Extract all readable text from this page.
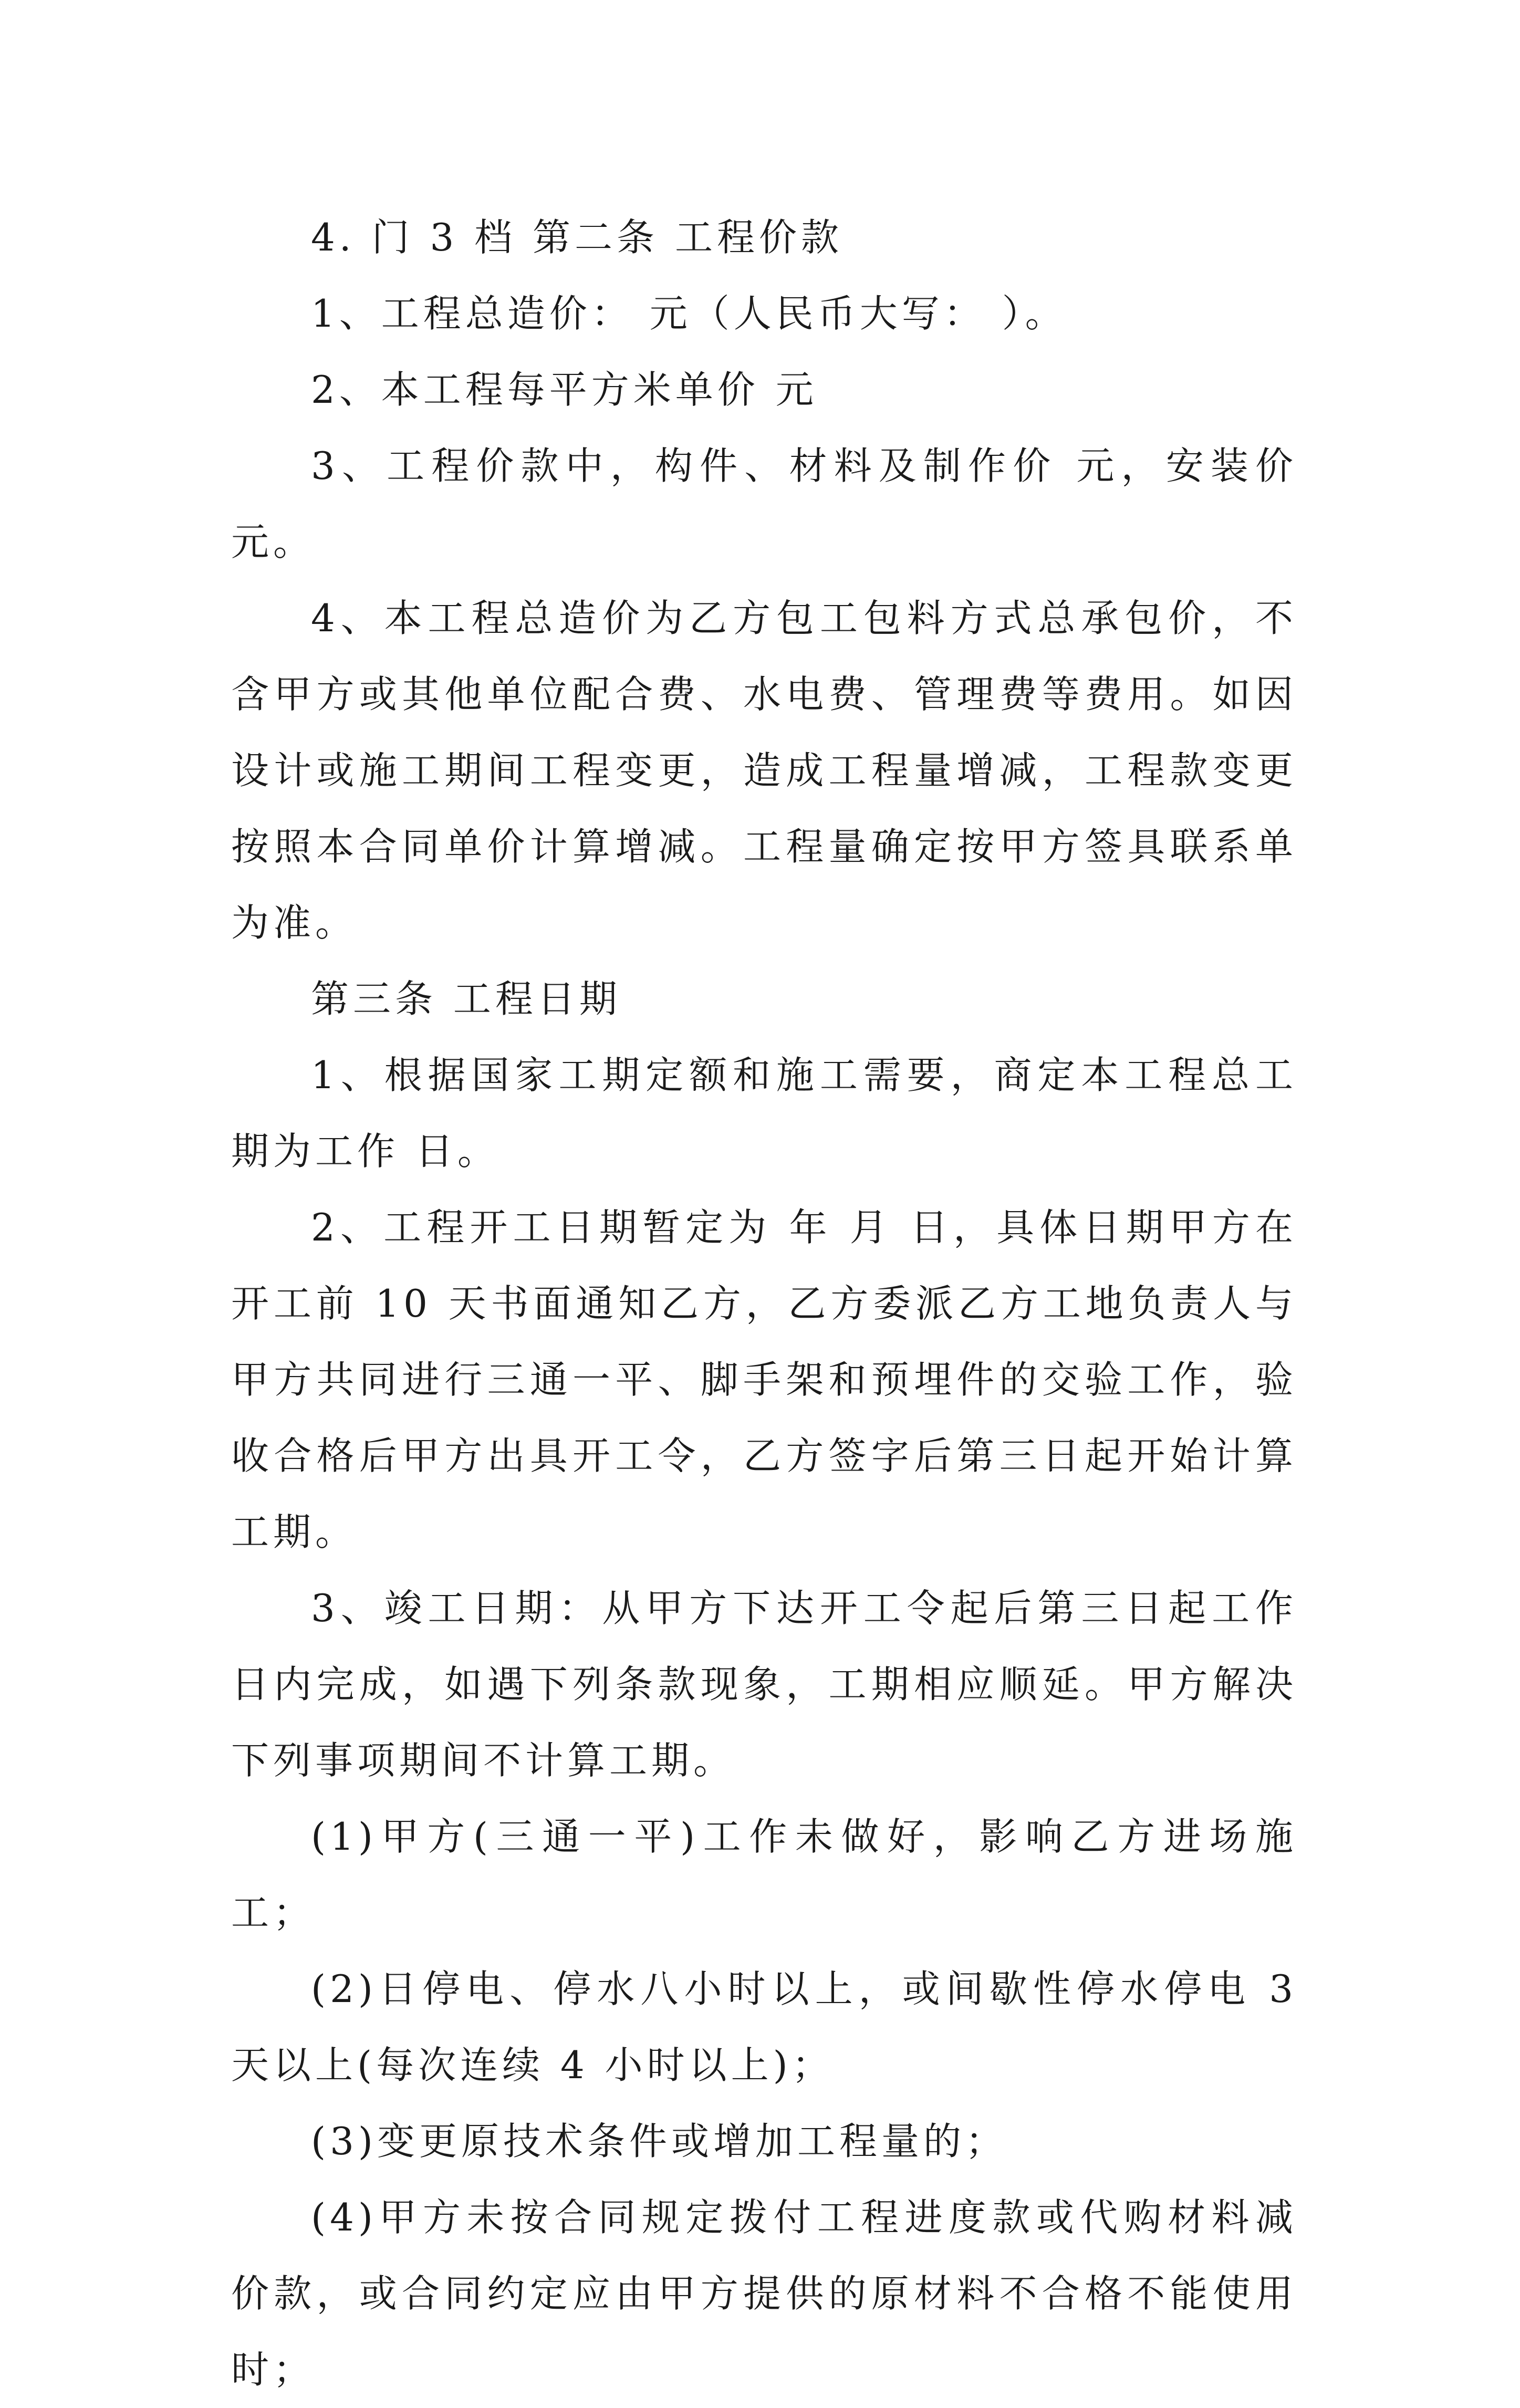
4. 门 3 档 第二条 工程价款

1、工程总造价： 元（人民币大写： ）。

2、本工程每平方米单价 元

3、工程价款中，构件、材料及制作价 元，安装价 元。

4、本工程总造价为乙方包工包料方式总承包价，不含甲方或其他单位配合费、水电费、管理费等费用。如因设计或施工期间工程变更，造成工程量增减，工程款变更按照本合同单价计算增减。工程量确定按甲方签具联系单为准。

第三条 工程日期

1、根据国家工期定额和施工需要，商定本工程总工期为工作 日。

2、工程开工日期暂定为 年 月 日，具体日期甲方在开工前 10 天书面通知乙方，乙方委派乙方工地负责人与甲方共同进行三通一平、脚手架和预埋件的交验工作，验收合格后甲方出具开工令，乙方签字后第三日起开始计算工期。

3、竣工日期：从甲方下达开工令起后第三日起工作 日内完成，如遇下列条款现象，工期相应顺延。甲方解决下列事项期间不计算工期。

(1)甲方(三通一平)工作未做好，影响乙方进场施工；

(2)日停电、停水八小时以上，或间歇性停水停电 3 天以上(每次连续 4 小时以上)；

(3)变更原技术条件或增加工程量的；

(4)甲方未按合同规定拨付工程进度款或代购材料减价款，或合同约定应由甲方提供的原材料不合格不能使用时；
